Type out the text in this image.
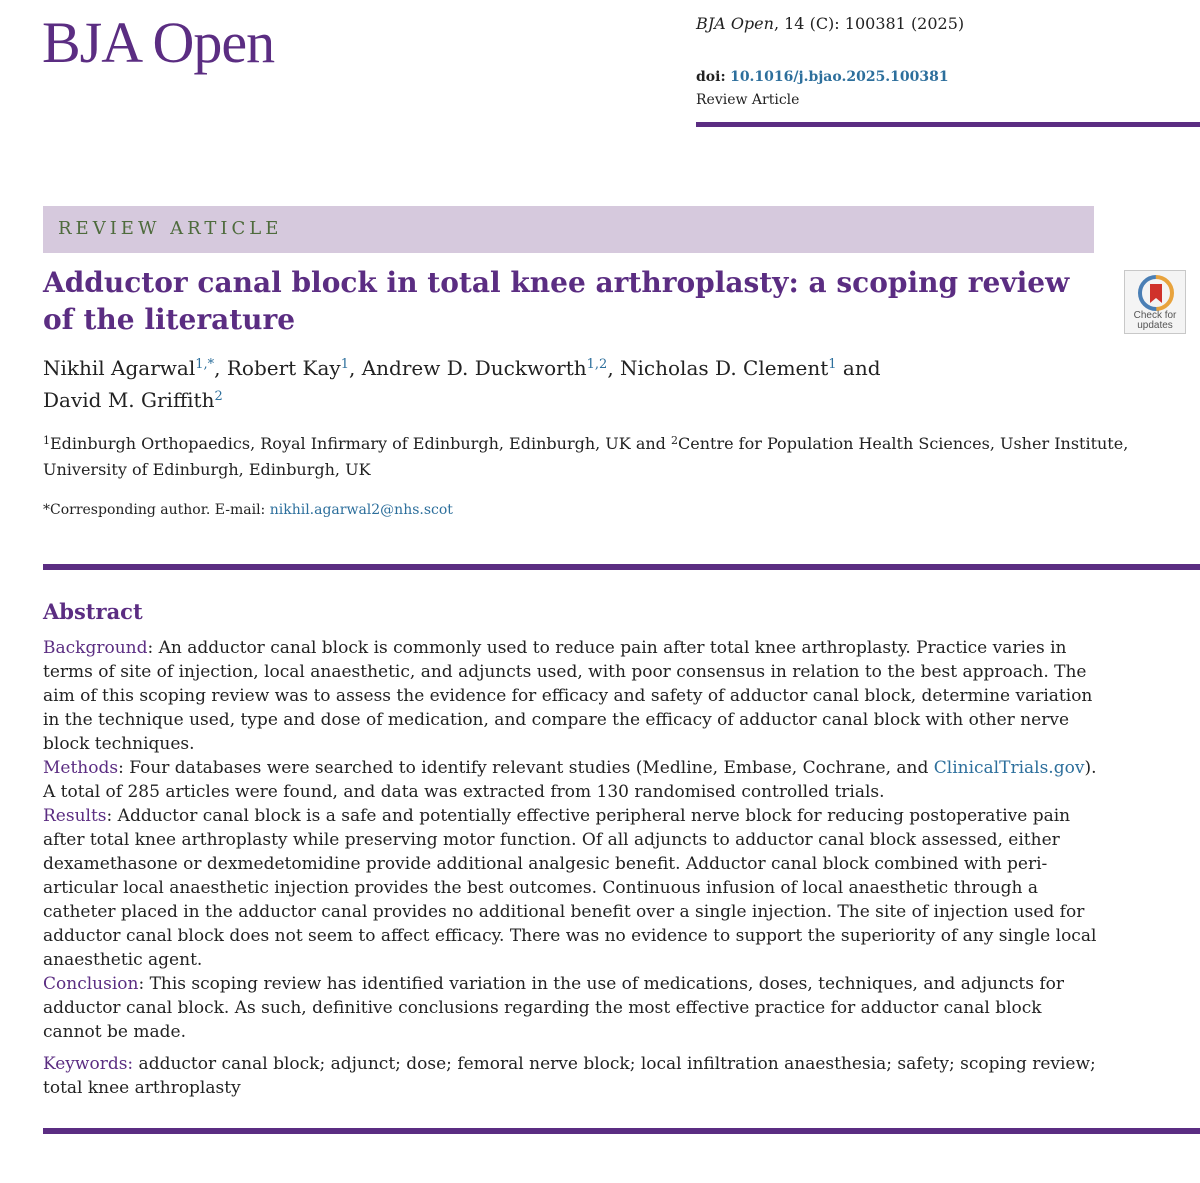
BJA Open	BJA Open, 14 (C): 100381 (2025)
doi: 10.1016/j.bjao.2025.100381
Review Article
REVIEW ARTICLE
Adductor canal block in total knee arthroplasty: a scoping review of the literature	Check for
updates
Nikhil Agarwal$^{1,*}$, Robert Kay$^1$, Andrew D. Duckworth$^{1,2}$, Nicholas D. Clement$^1$ and
David M. Griffith$^2$
$^1$Edinburgh Orthopaedics, Royal Infirmary of Edinburgh, Edinburgh, UK and $^2$Centre for Population Health Sciences, Usher Institute, University of Edinburgh, Edinburgh, UK
*Corresponding author. E-mail: nikhil.agarwal2@nhs.scot
Abstract

Background: An adductor canal block is commonly used to reduce pain after total knee arthroplasty. Practice varies in terms of site of injection, local anaesthetic, and adjuncts used, with poor consensus in relation to the best approach. The aim of this scoping review was to assess the evidence for efficacy and safety of adductor canal block, determine variation in the technique used, type and dose of medication, and compare the efficacy of adductor canal block with other nerve block techniques.

Methods: Four databases were searched to identify relevant studies (Medline, Embase, Cochrane, and ClinicalTrials.gov). A total of 285 articles were found, and data was extracted from 130 randomised controlled trials.

Results: Adductor canal block is a safe and potentially effective peripheral nerve block for reducing postoperative pain after total knee arthroplasty while preserving motor function. Of all adjuncts to adductor canal block assessed, either dexamethasone or dexmedetomidine provide additional analgesic benefit. Adductor canal block combined with peri-articular local anaesthetic injection provides the best outcomes. Continuous infusion of local anaesthetic through a catheter placed in the adductor canal provides no additional benefit over a single injection. The site of injection used for adductor canal block does not seem to affect efficacy. There was no evidence to support the superiority of any single local anaesthetic agent.

Conclusion: This scoping review has identified variation in the use of medications, doses, techniques, and adjuncts for adductor canal block. As such, definitive conclusions regarding the most effective practice for adductor canal block cannot be made.

Keywords: adductor canal block; adjunct; dose; femoral nerve block; local infiltration anaesthesia; safety; scoping review; total knee arthroplasty
